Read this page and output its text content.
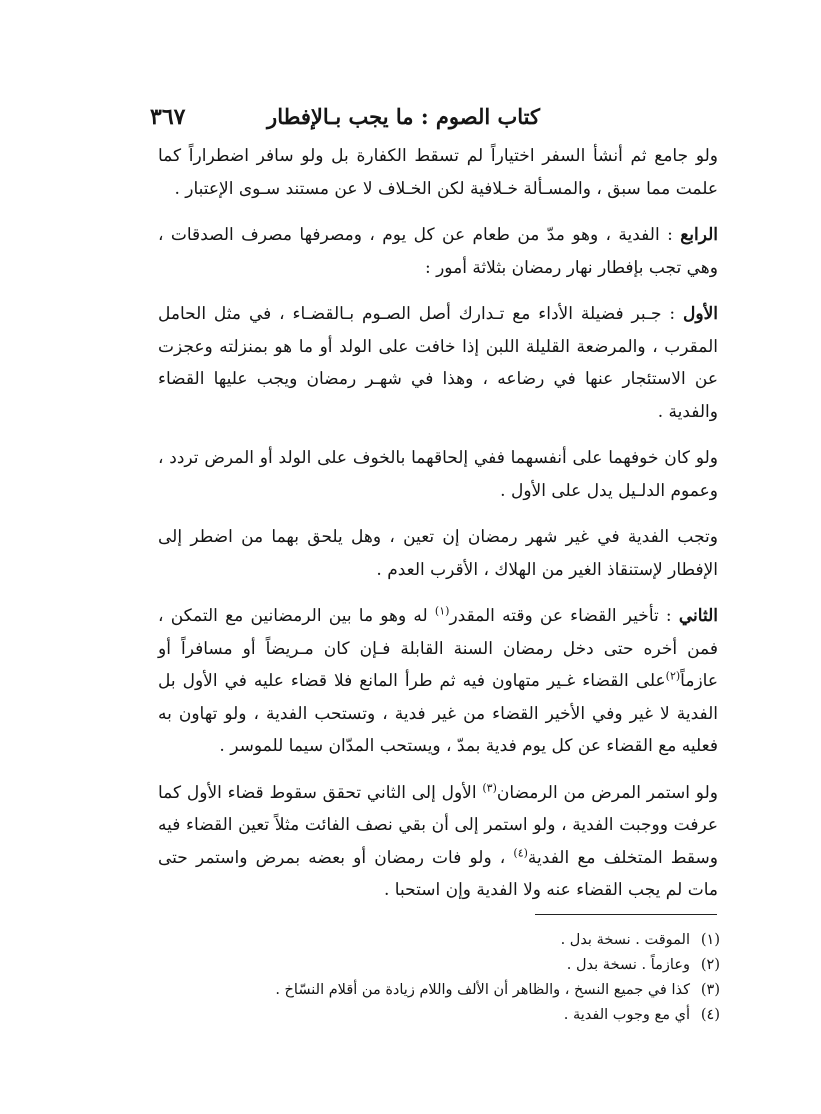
كتاب الصوم : ما يجب بـالإفطار
٣٦٧

ولو جامع ثم أنشأ السفر اختياراً لم تسقط الكفارة بل ولو سافر اضطراراً كما علمت مما سبق ، والمسـألة خـلافية لكن الخـلاف لا عن مستند سـوى الإعتبار .

الرابع : الفدية ، وهو مدّ من طعام عن كل يوم ، ومصرفها مصرف الصدقات ، وهي تجب بإفطار نهار رمضان بثلاثة أمور :

الأول : جـبر فضيلة الأداء مع تـدارك أصل الصـوم بـالقضـاء ، في مثل الحامل المقرب ، والمرضعة القليلة اللبن إذا خافت على الولد أو ما هو بمنزلته وعجزت عن الاستئجار عنها في رضاعه ، وهذا في شهـر رمضان ويجب عليها القضاء والفدية .

ولو كان خوفهما على أنفسهما ففي إلحاقهما بالخوف على الولد أو المرض تردد ، وعموم الدلـيل يدل على الأول .

وتجب الفدية في غير شهر رمضان إن تعين ، وهل يلحق بهما من اضطر إلى الإفطار لإستنقاذ الغير من الهلاك ، الأقرب العدم .

الثاني : تأخير القضاء عن وقته المقدر$^{(١)}$ له وهو ما بين الرمضانين مع التمكن ، فمن أخره حتى دخل رمضان السنة القابلة فـإن كان مـريضاً أو مسافراً أو عازماً$^{(٢)}$على القضاء غـير متهاون فيه ثم طرأ المانع فلا قضاء عليه في الأول بل الفدية لا غير وفي الأخير القضاء من غير فدية ، وتستحب الفدية ، ولو تهاون به فعليه مع القضاء عن كل يوم فدية بمدّ ، ويستحب المدّان سيما للموسر .

ولو استمر المرض من الرمضان$^{(٣)}$ الأول إلى الثاني تحقق سقوط قضاء الأول كما عرفت ووجبت الفدية ، ولو استمر إلى أن بقي نصف الفائت مثلاً تعين القضاء فيه وسقط المتخلف مع الفدية$^{(٤)}$ ، ولو فات رمضان أو بعضه بمرض واستمر حتى مات لم يجب القضاء عنه ولا الفدية وإن استحبا .

(١)الموقت . نسخة بدل .
(٢)وعازماً . نسخة بدل .
(٣)كذا في جميع النسخ ، والظاهر أن الألف واللام زيادة من أقلام النسّاخ .
(٤)أي مع وجوب الفدية .
